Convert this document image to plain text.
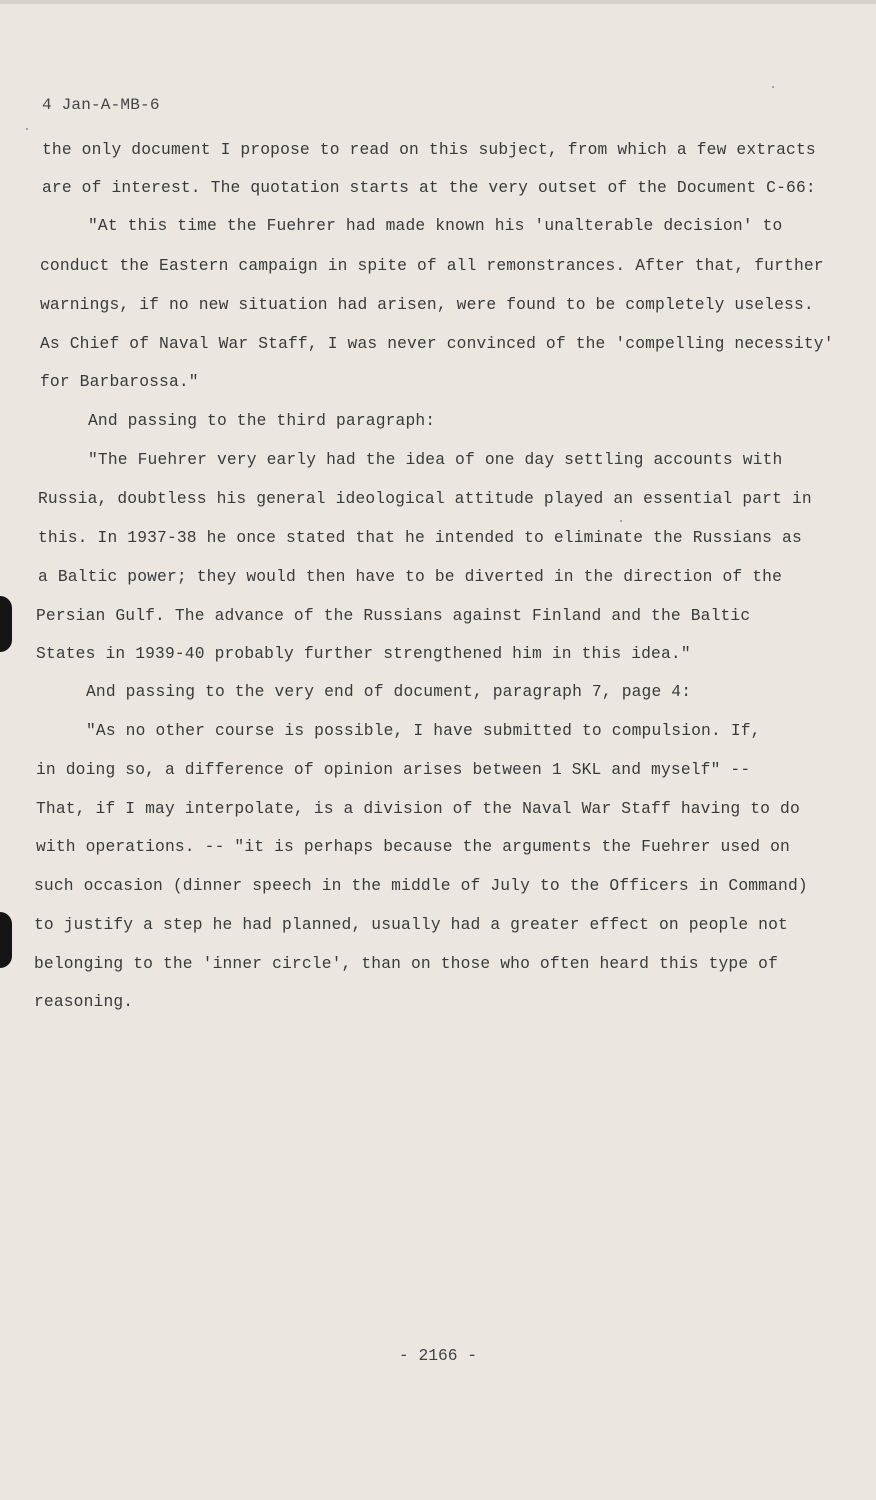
4 Jan-A-MB-6
the only document I propose to read on this subject, from which a few extracts
are of interest. The quotation starts at the very outset of the Document C-66:
"At this time the Fuehrer had made known his 'unalterable decision' to
conduct the Eastern campaign in spite of all remonstrances. After that, further
warnings, if no new situation had arisen, were found to be completely useless.
As Chief of Naval War Staff, I was never convinced of the 'compelling necessity'
for Barbarossa."
And passing to the third paragraph:
"The Fuehrer very early had the idea of one day settling accounts with
Russia, doubtless his general ideological attitude played an essential part in
this. In 1937-38 he once stated that he intended to eliminate the Russians as
a Baltic power; they would then have to be diverted in the direction of the
Persian Gulf. The advance of the Russians against Finland and the Baltic
States in 1939-40 probably further strengthened him in this idea."
And passing to the very end of document, paragraph 7, page 4:
"As no other course is possible, I have submitted to compulsion. If,
in doing so, a difference of opinion arises between 1 SKL and myself" --
That, if I may interpolate, is a division of the Naval War Staff having to do
with operations. -- "it is perhaps because the arguments the Fuehrer used on
such occasion (dinner speech in the middle of July to the Officers in Command)
to justify a step he had planned, usually had a greater effect on people not
belonging to the 'inner circle', than on those who often heard this type of
reasoning.
- 2166 -
